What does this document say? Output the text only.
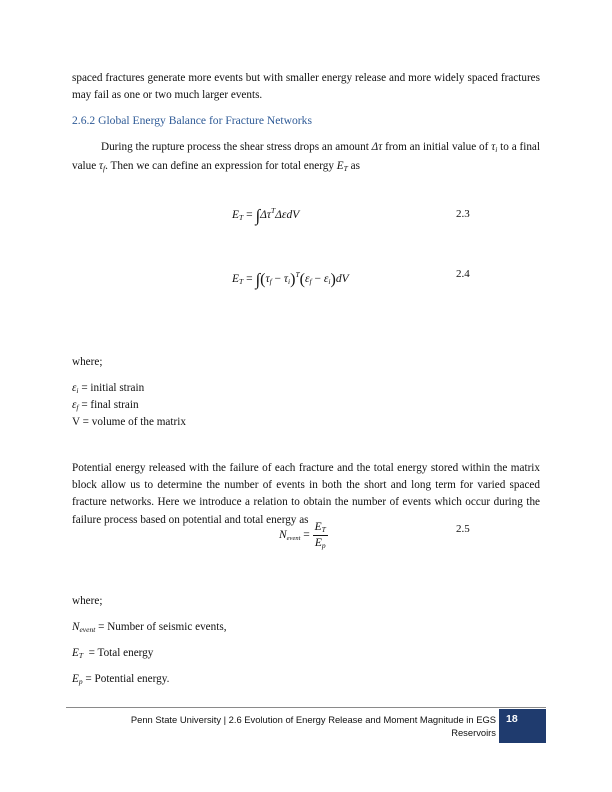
spaced fractures generate more events but with smaller energy release and more widely spaced fractures may fail as one or two much larger events.

2.6.2 Global Energy Balance for Fracture Networks

During the rupture process the shear stress drops an amount Δτ from an initial value of $\tau_i$ to a final value $\tau_f$. Then we can define an expression for total energy $E_T$ as

$E_T = \int\Delta\tau^T\Delta\varepsilon dV$	2.3
$E_T = \int(\tau_f - \tau_i)^T(\varepsilon_f - \varepsilon_i)dV$	2.4
where;
$\varepsilon_i$ = initial strain
$\varepsilon_f$ = final strain
V = volume of the matrix

Potential energy released with the failure of each fracture and the total energy stored within the matrix block allow us to determine the number of events in both the short and long term for varied spaced fracture networks. Here we introduce a relation to obtain the number of events which occur during the failure process based on potential and total energy as

$N_{event} = \frac{E_T}{E_p}$	2.5
where;
$N_{event}$ = Number of seismic events,
$E_T$  = Total energy
$E_p$ = Potential energy.
Penn State University | 2.6 Evolution of Energy Release and Moment Magnitude in EGS
Reservoirs
18
